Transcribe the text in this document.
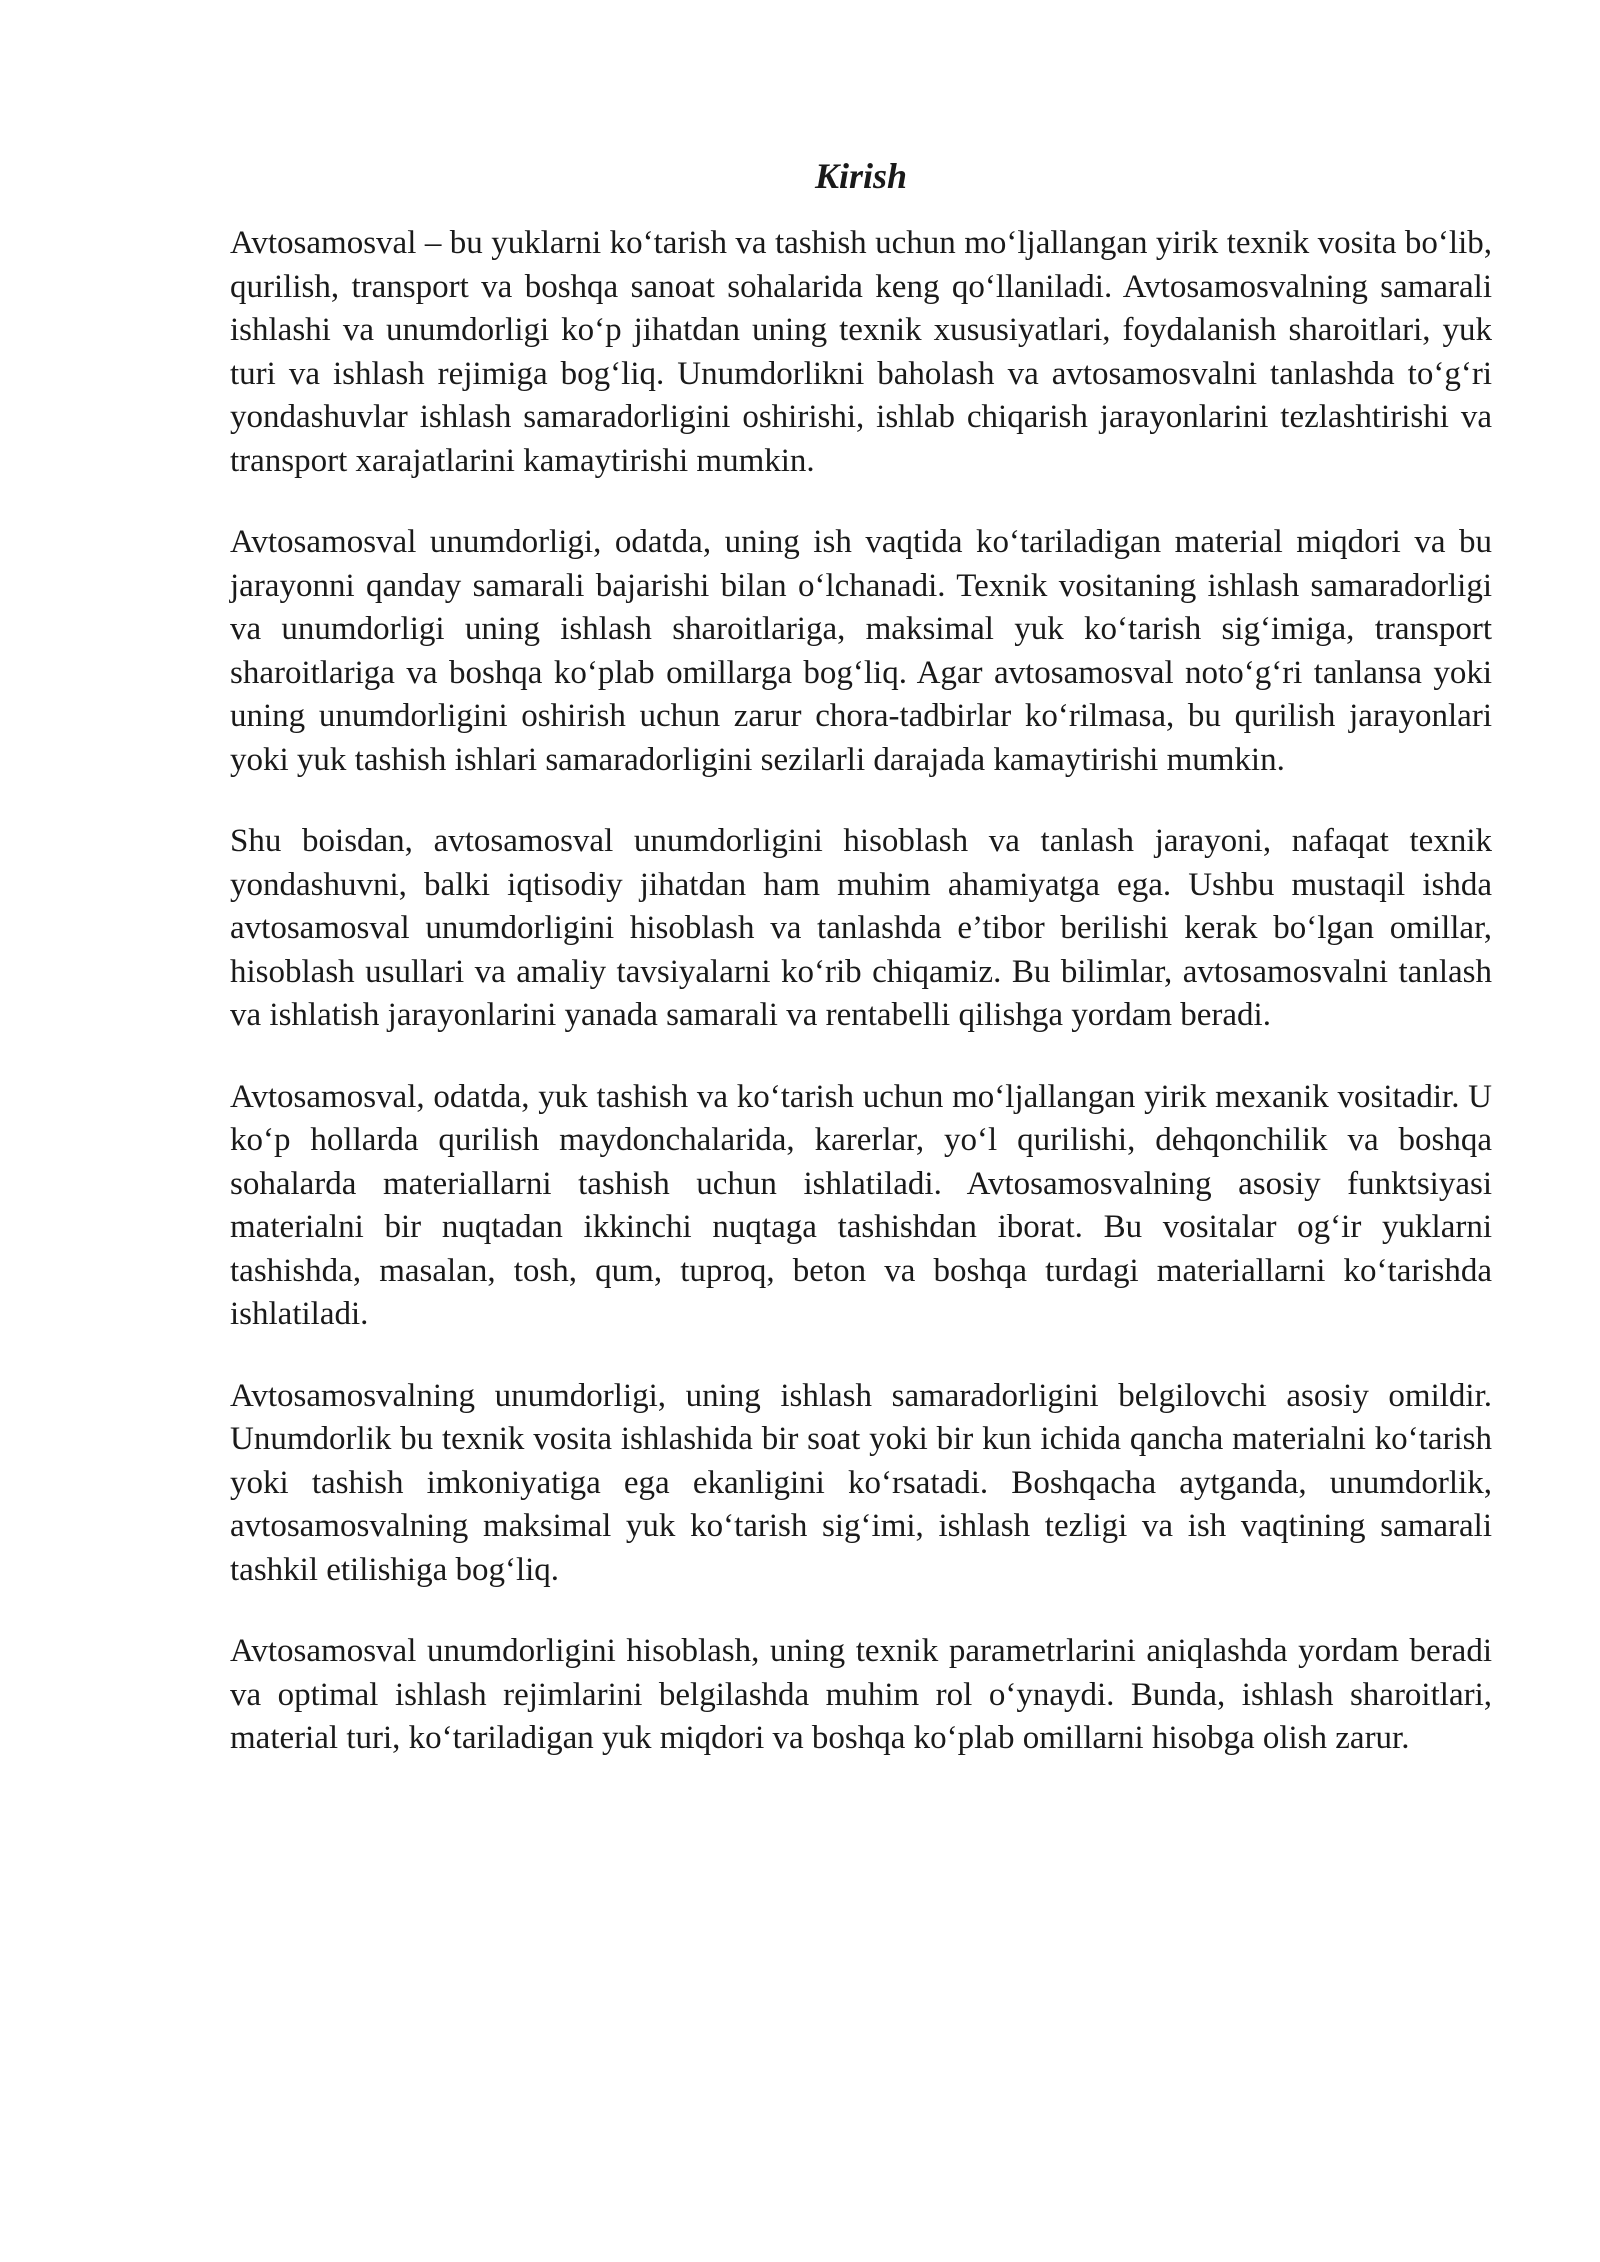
Kirish

Avtosamosval – bu yuklarni koʻtarish va tashish uchun moʻljallangan yirik texnik vosita boʻlib, qurilish, transport va boshqa sanoat sohalarida keng qoʻllaniladi. Avtosamosvalning samarali ishlashi va unumdorligi koʻp jihatdan uning texnik xususiyatlari, foydalanish sharoitlari, yuk turi va ishlash rejimiga bogʻliq. Unumdorlikni baholash va avtosamosvalni tanlashda toʻgʻri yondashuvlar ishlash samaradorligini oshirishi, ishlab chiqarish jarayonlarini tezlashtirishi va transport xarajatlarini kamaytirishi mumkin.

Avtosamosval unumdorligi, odatda, uning ish vaqtida koʻtariladigan material miqdori va bu jarayonni qanday samarali bajarishi bilan oʻlchanadi. Texnik vositaning ishlash samaradorligi va unumdorligi uning ishlash sharoitlariga, maksimal yuk koʻtarish sigʻimiga, transport sharoitlariga va boshqa koʻplab omillarga bogʻliq. Agar avtosamosval notoʻgʻri tanlansa yoki uning unumdorligini oshirish uchun zarur chora-tadbirlar koʻrilmasa, bu qurilish jarayonlari yoki yuk tashish ishlari samaradorligini sezilarli darajada kamaytirishi mumkin.

Shu boisdan, avtosamosval unumdorligini hisoblash va tanlash jarayoni, nafaqat texnik yondashuvni, balki iqtisodiy jihatdan ham muhim ahamiyatga ega. Ushbu mustaqil ishda avtosamosval unumdorligini hisoblash va tanlashda e’tibor berilishi kerak boʻlgan omillar, hisoblash usullari va amaliy tavsiyalarni koʻrib chiqamiz. Bu bilimlar, avtosamosvalni tanlash va ishlatish jarayonlarini yanada samarali va rentabelli qilishga yordam beradi.

Avtosamosval, odatda, yuk tashish va koʻtarish uchun moʻljallangan yirik mexanik vositadir. U koʻp hollarda qurilish maydonchalarida, karerlar, yoʻl qurilishi, dehqonchilik va boshqa sohalarda materiallarni tashish uchun ishlatiladi. Avtosamosvalning asosiy funktsiyasi materialni bir nuqtadan ikkinchi nuqtaga tashishdan iborat. Bu vositalar ogʻir yuklarni tashishda, masalan, tosh, qum, tuproq, beton va boshqa turdagi materiallarni koʻtarishda ishlatiladi.

Avtosamosvalning unumdorligi, uning ishlash samaradorligini belgilovchi asosiy omildir. Unumdorlik bu texnik vosita ishlashida bir soat yoki bir kun ichida qancha materialni koʻtarish yoki tashish imkoniyatiga ega ekanligini koʻrsatadi. Boshqacha aytganda, unumdorlik, avtosamosvalning maksimal yuk koʻtarish sigʻimi, ishlash tezligi va ish vaqtining samarali tashkil etilishiga bogʻliq.

Avtosamosval unumdorligini hisoblash, uning texnik parametrlarini aniqlashda yordam beradi va optimal ishlash rejimlarini belgilashda muhim rol oʻynaydi. Bunda, ishlash sharoitlari, material turi, koʻtariladigan yuk miqdori va boshqa koʻplab omillarni hisobga olish zarur.
